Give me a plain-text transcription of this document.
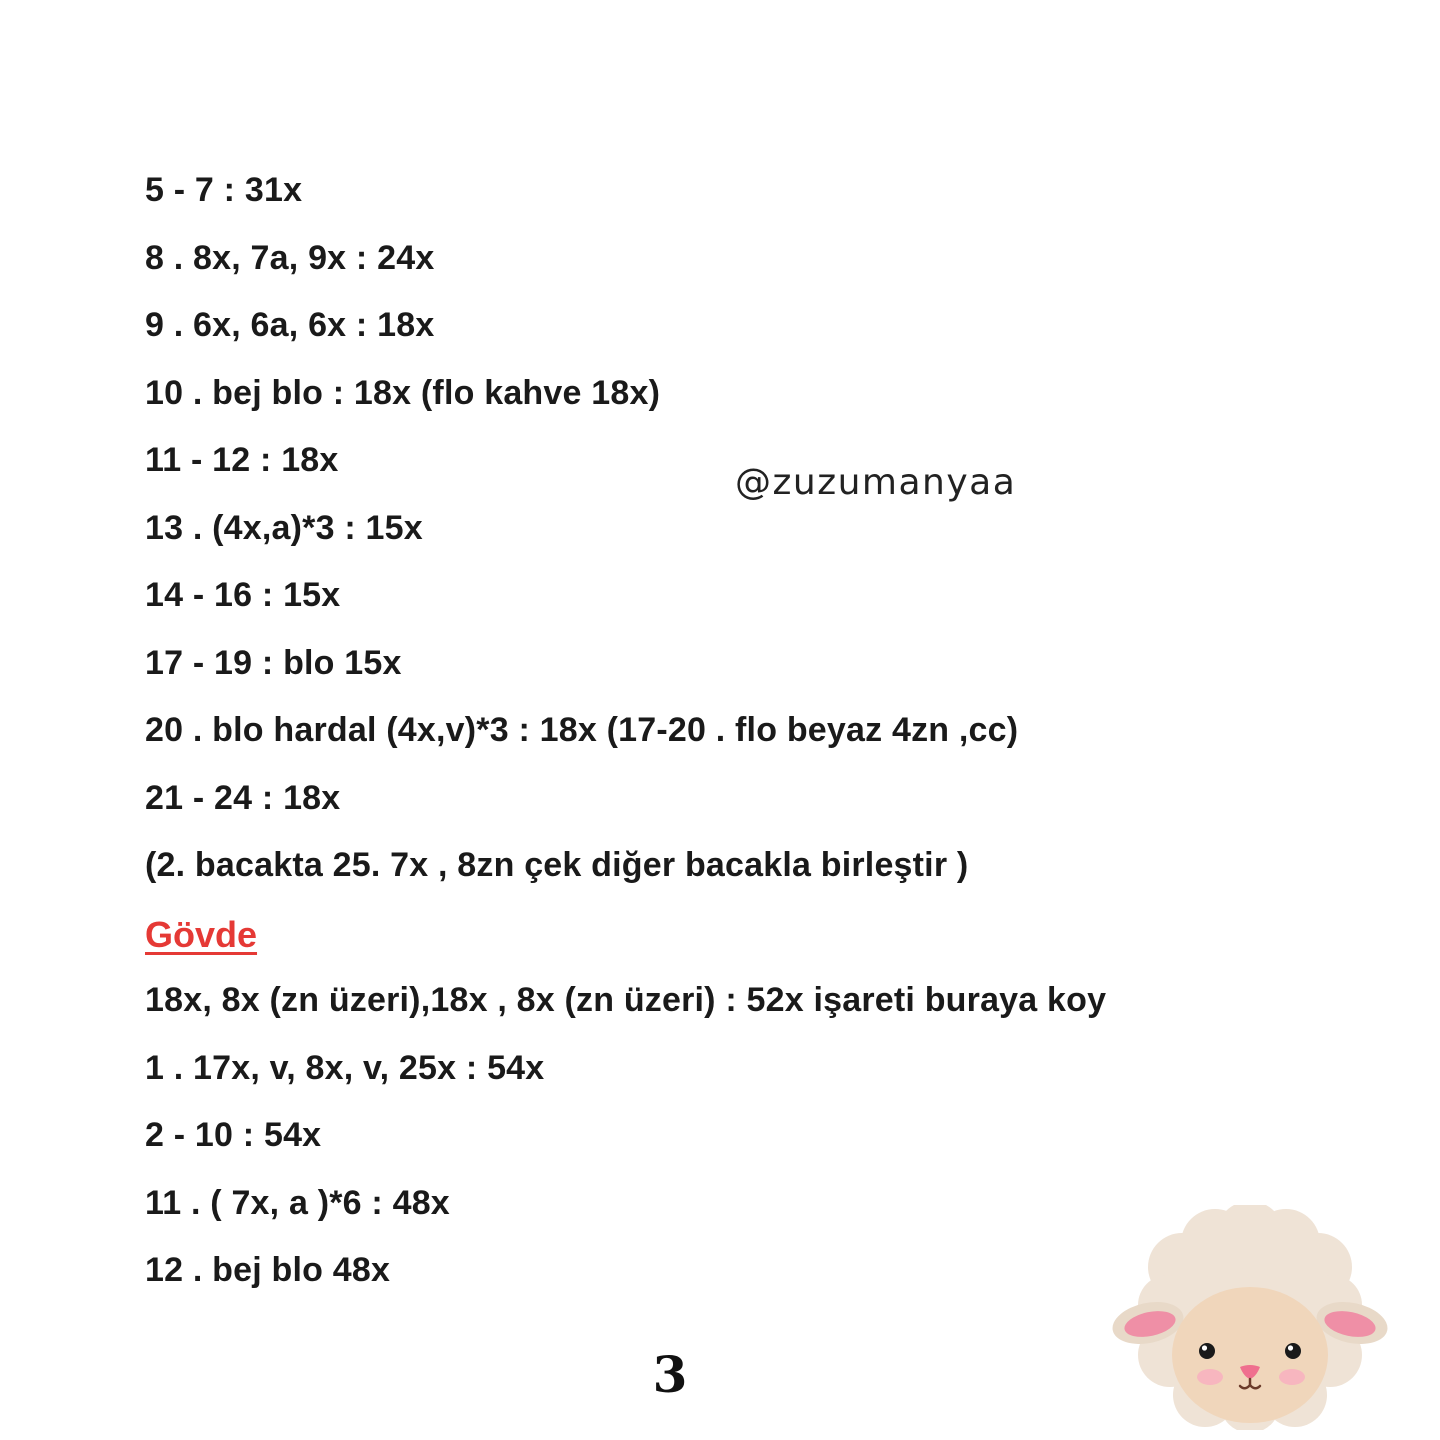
5 - 7 : 31x
8 . 8x, 7a, 9x : 24x
9 . 6x, 6a, 6x : 18x
10 . bej blo : 18x (flo kahve 18x)
11 - 12 : 18x
13 . (4x,a)*3 : 15x
14 - 16 : 15x
17 - 19 : blo 15x
20 . blo hardal (4x,v)*3 : 18x (17-20 . flo beyaz 4zn ,cc)
21 - 24 : 18x
(2. bacakta 25. 7x , 8zn çek diğer bacakla birleştir )
Gövde
18x, 8x (zn üzeri),18x , 8x (zn üzeri) : 52x işareti buraya koy
1 . 17x, v, 8x, v, 25x : 54x
2 - 10 : 54x
11 . ( 7x, a )*6 : 48x
12 . bej blo 48x
@zuzumanyaa
3
